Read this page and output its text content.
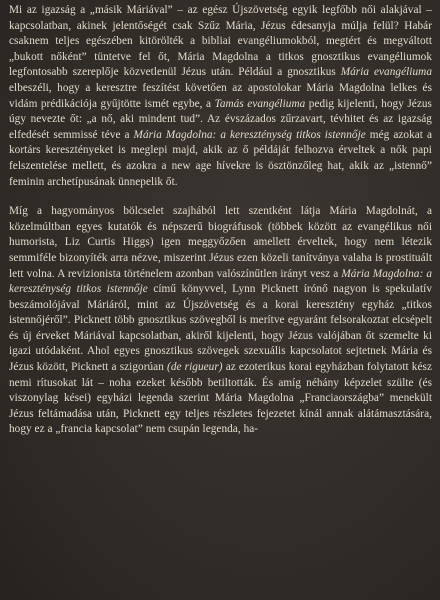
Mi az igazság a „másik Máriával” – az egész Újszövetség egyik legfőbb női alakjával – kapcsolatban, akinek jelentőségét csak Szűz Mária, Jézus édesanyja múlja felül? Habár csaknem teljes egészében kitörölték a bibliai evangéliumokból, megtért és megváltott „bukott nőként” tüntetve fel őt, Mária Magdolna a titkos gnosztikus evangéliumok legfontosabb szereplője közvetlenül Jézus után. Például a gnosztikus Mária evangéliuma elbeszéli, hogy a keresztre feszítést követően az apostolokar Mária Magdolna lelkes és vidám prédikációja gyűjtötte ismét egybe, a Tamás evangéliuma pedig kijelenti, hogy Jézus úgy nevezte őt: „a nő, aki mindent tud”. Az évszázados zűrzavart, tévhitet és az igazság elfedését semmissé téve a Mária Magdolna: a kereszténység titkos istennője még azokat a kortárs keresztényeket is meglepi majd, akik az ő példáját felhozva érveltek a nők papi felszentelése mellett, és azokra a new age hívekre is ösztönzőleg hat, akik az „istennő” feminin archetípusának ünnepelik őt.

Míg a hagyományos bölcselet szajhából lett szentként látja Mária Magdolnát, a közelmúltban egyes kutatók és népszerű biográfusok (többek között az evangélikus női humorista, Liz Curtis Higgs) igen meggyőzően amellett érveltek, hogy nem létezik semmiféle bizonyíték arra nézve, miszerint Jézus ezen közeli tanítványa valaha is prostituált lett volna. A revizionista történelem azonban valószínűtlen irányt vesz a Mária Magdolna: a kereszténység titkos istennője című könyvvel, Lynn Picknett írónő nagyon is spekulatív beszámolójával Máriáról, mint az Újszövetség és a korai keresztény egyház „titkos istennőjéről”. Picknett több gnosztikus szövegből is merítve egyaránt felsorakoztat elcsépelt és új érveket Máriával kapcsolatban, akiről kijelenti, hogy Jézus valójában őt szemelte ki igazi utódaként. Ahol egyes gnosztikus szövegek szexuális kapcsolatot sejtetnek Mária és Jézus között, Picknett a szigorúan (de rigueur) az ezoterikus korai egyházban folytatott kész nemi rítusokat lát – noha ezeket később betiltották. És amíg néhány képzelet szülte (és viszonylag kései) egyházi legenda szerint Mária Magdolna „Franciaországba” menekült Jézus feltámadása után, Picknett egy teljes részletes fejezetet kínál annak alátámasztására, hogy ez a „francia kapcsolat” nem csupán legenda, ha-
